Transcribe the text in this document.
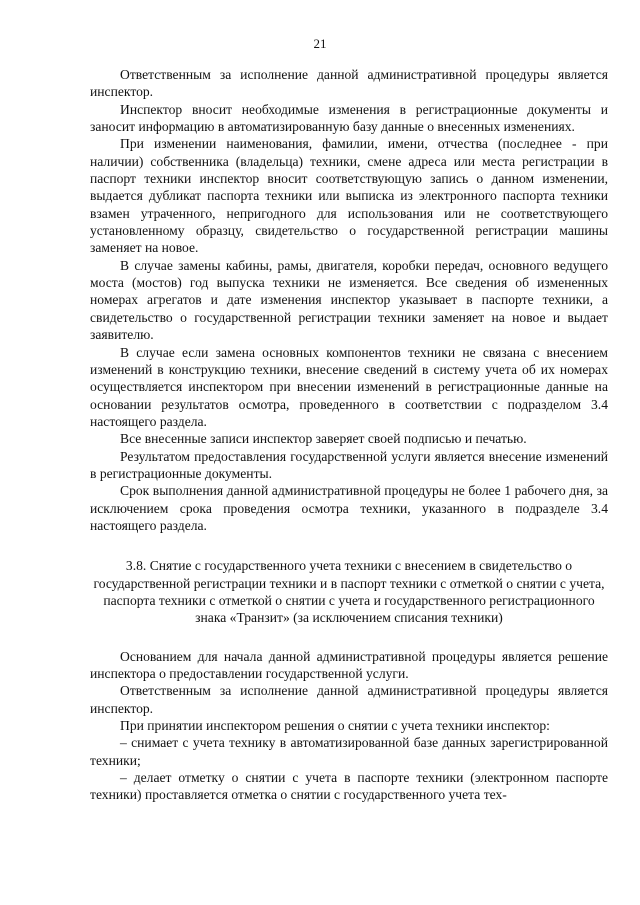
21

Ответственным за исполнение данной административной процедуры является инспектор.

Инспектор вносит необходимые изменения в регистрационные документы и заносит информацию в автоматизированную базу данные о внесенных изменениях.

При изменении наименования, фамилии, имени, отчества (последнее - при наличии) собственника (владельца) техники, смене адреса или места регистрации в паспорт техники инспектор вносит соответствующую запись о данном изменении, выдается дубликат паспорта техники или выписка из электронного паспорта техники взамен утраченного, непригодного для использования или не соответствующего установленному образцу, свидетельство о государственной регистрации машины заменяет на новое.

В случае замены кабины, рамы, двигателя, коробки передач, основного ведущего моста (мостов) год выпуска техники не изменяется. Все сведения об измененных номерах агрегатов и дате изменения инспектор указывает в паспорте техники, а свидетельство о государственной регистрации техники заменяет на новое и выдает заявителю.

В случае если замена основных компонентов техники не связана с внесением изменений в конструкцию техники, внесение сведений в систему учета об их номерах осуществляется инспектором при внесении изменений в регистрационные данные на основании результатов осмотра, проведенного в соответствии с подразделом 3.4 настоящего раздела.

Все внесенные записи инспектор заверяет своей подписью и печатью.

Результатом предоставления государственной услуги является внесение изменений в регистрационные документы.

Срок выполнения данной административной процедуры не более 1 рабочего дня, за исключением срока проведения осмотра техники, указанного в подразделе 3.4 настоящего раздела.

3.8. Снятие с государственного учета техники с внесением в свидетельство о государственной регистрации техники и в паспорт техники с отметкой о снятии с учета, паспорта техники с отметкой о снятии с учета и государственного регистрационного знака «Транзит» (за исключением списания техники)

Основанием для начала данной административной процедуры является решение инспектора о предоставлении государственной услуги.

Ответственным за исполнение данной административной процедуры является инспектор.

При принятии инспектором решения о снятии с учета техники инспектор:

– снимает с учета технику в автоматизированной базе данных зарегистрированной техники;

– делает отметку о снятии с учета в паспорте техники (электронном паспорте техники) проставляется отметка о снятии с государственного учета тех-
